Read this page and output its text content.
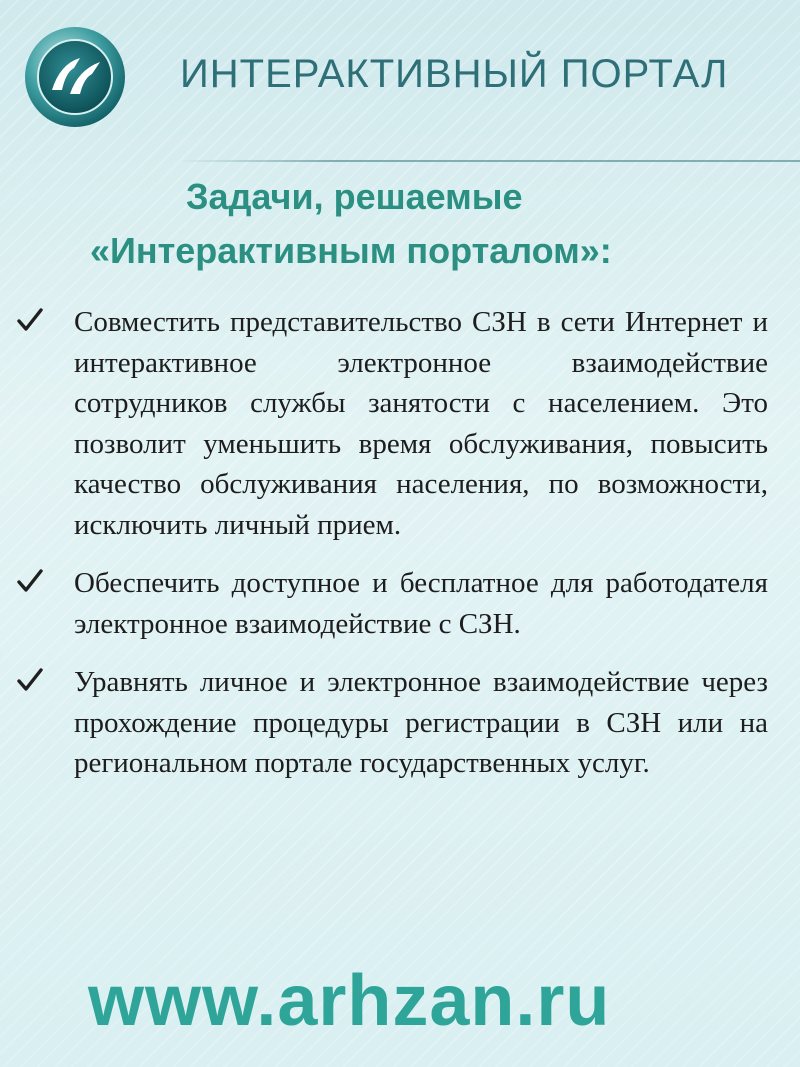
ИНТЕРАКТИВНЫЙ ПОРТАЛ
Задачи, решаемые
«Интерактивным порталом»:
Совместить представительство СЗН в сети Интернет и интерактивное электронное взаимодействие сотрудников службы занятости с населением. Это позволит уменьшить время обслуживания, повысить качество обслуживания населения, по возможности, исключить личный прием.
Обеспечить доступное и бесплатное для работодателя электронное взаимодействие с СЗН.
Уравнять личное и электронное взаимодействие через прохождение процедуры регистрации в СЗН или на региональном портале государственных услуг.
www.arhzan.ru
